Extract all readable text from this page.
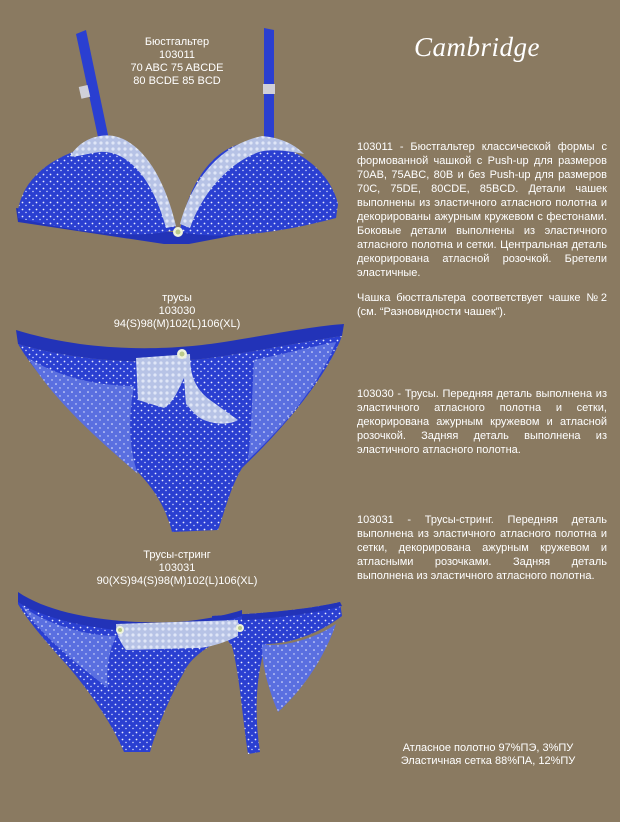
Cambridge
Бюстгальтер
103011
70 ABC 75 ABCDE
80 BCDE 85 BCD
трусы
103030
94(S)98(M)102(L)106(XL)
Трусы-стринг
103031
90(XS)94(S)98(M)102(L)106(XL)

103011 - Бюстгальтер классической формы с формованной чашкой с Push-up для размеров 70AB, 75ABC, 80B и без Push-up для размеров 70C, 75DE, 80CDE, 85BCD. Детали чашек выполнены из эластичного атласного полотна и декорированы ажурным кружевом с фестонами. Боковые детали выполнены из эластичного атласного полотна и сетки. Центральная деталь декорирована атласной розочкой. Бретели эластичные.

Чашка бюстгальтера соответствует чашке №2 (см. “Разновидности чашек”).

103030 - Трусы. Передняя деталь выполнена из эластичного атласного полотна и сетки, декорирована ажурным кружевом и атласной розочкой. Задняя деталь выполнена из эластичного атласного полотна.

103031 - Трусы-стринг. Передняя деталь выполнена из эластичного атласного полотна и сетки, декорирована ажурным кружевом и атласными розочками. Задняя деталь выполнена из эластичного атласного полотна.

Атласное полотно 97%ПЭ, 3%ПУ
Эластичная сетка 88%ПА, 12%ПУ
